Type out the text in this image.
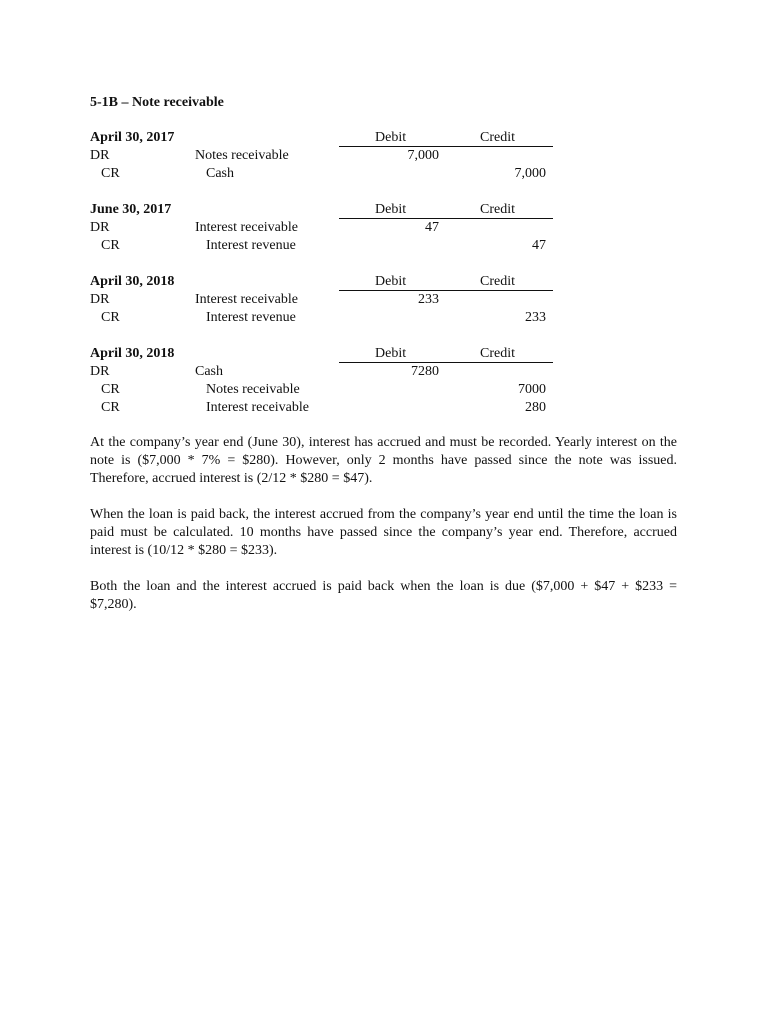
5-1B – Note receivable
April 30, 2017	Debit	Credit
DR	Notes receivable	7,000
CR	Cash	7,000
June 30, 2017	Debit	Credit
DR	Interest receivable	47
CR	Interest revenue	47
April 30, 2018	Debit	Credit
DR	Interest receivable	233
CR	Interest revenue	233
April 30, 2018	Debit	Credit
DR	Cash	7280
CR	Notes receivable	7000
CR	Interest receivable	280

At the company’s year end (June 30), interest has accrued and must be recorded. Yearly interest on the note is ($7,000 * 7% = $280). However, only 2 months have passed since the note was issued. Therefore, accrued interest is (2/12 * $280 = $47).

When the loan is paid back, the interest accrued from the company’s year end until the time the loan is paid must be calculated. 10 months have passed since the company’s year end. Therefore, accrued interest is (10/12 * $280 = $233).

Both the loan and the interest accrued is paid back when the loan is due ($7,000 + $47 + $233 = $7,280).
